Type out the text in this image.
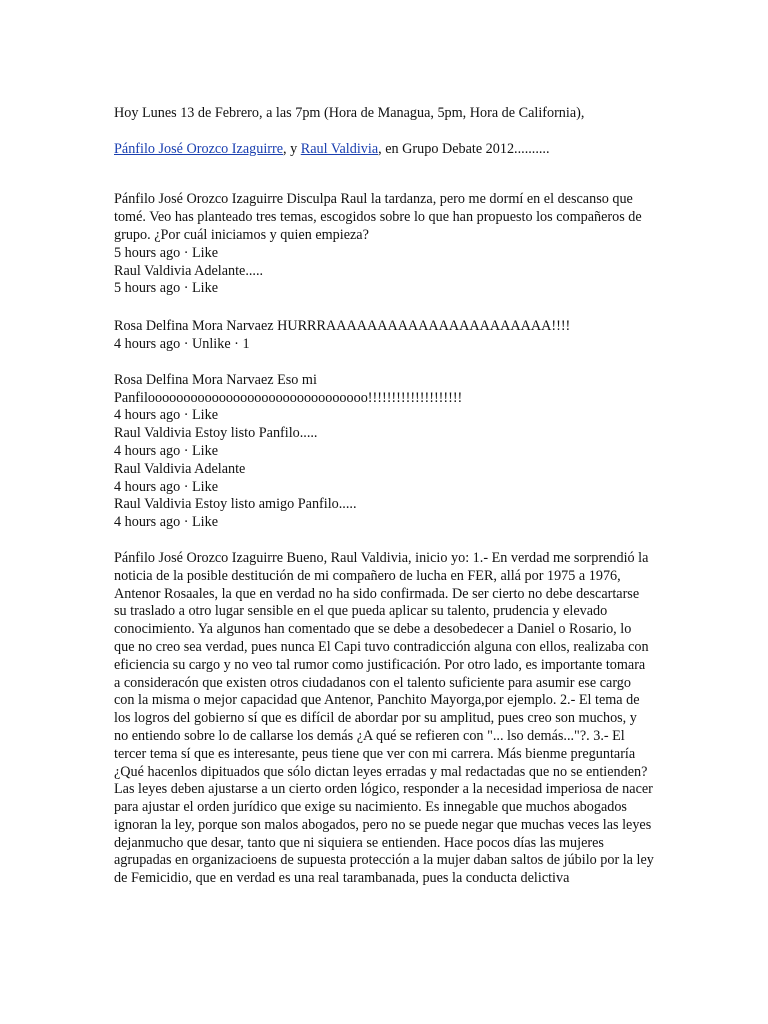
Hoy Lunes 13 de Febrero, a las 7pm (Hora de Managua, 5pm, Hora de California),

Pánfilo José Orozco Izaguirre, y Raul Valdivia, en Grupo Debate 2012..........

Pánfilo José Orozco Izaguirre Disculpa Raul la tardanza, pero me dormí en el descanso que tomé. Veo has planteado tres temas, escogidos sobre lo que han propuesto los compañeros de grupo. ¿Por cuál iniciamos y quien empieza?

5 hours ago · Like

Raul Valdivia Adelante.....

5 hours ago · Like

Rosa Delfina Mora Narvaez HURRRAAAAAAAAAAAAAAAAAAAAAA!!!!

4 hours ago · Unlike · 1

Rosa Delfina Mora Narvaez Eso mi Panfilooooooooooooooooooooooooooooooo!!!!!!!!!!!!!!!!!!!!

4 hours ago · Like

Raul Valdivia Estoy listo Panfilo.....

4 hours ago · Like

Raul Valdivia Adelante

4 hours ago · Like

Raul Valdivia Estoy listo amigo Panfilo.....

4 hours ago · Like

Pánfilo José Orozco Izaguirre Bueno, Raul Valdivia, inicio yo: 1.- En verdad me sorprendió la noticia de la posible destitución de mi compañero de lucha en FER, allá por 1975 a 1976, Antenor Rosaales, la que en verdad no ha sido confirmada. De ser cierto no debe descartarse su traslado a otro lugar sensible en el que pueda aplicar su talento, prudencia y elevado conocimiento. Ya algunos han comentado que se debe a desobedecer a Daniel o Rosario, lo que no creo sea verdad, pues nunca El Capi tuvo contradicción alguna con ellos, realizaba con eficiencia su cargo y no veo tal rumor como justificación. Por otro lado, es importante tomara a consideracón que existen otros ciudadanos con el talento suficiente para asumir ese cargo con la misma o mejor capacidad que Antenor, Panchito Mayorga,por ejemplo. 2.- El tema de los logros del gobierno sí que es difícil de abordar por su amplitud, pues creo son muchos, y no entiendo sobre lo de callarse los demás ¿A qué se refieren con "... lso demás..."?. 3.- El tercer tema sí que es interesante, peus tiene que ver con mi carrera. Más bienme preguntaría ¿Qué hacenlos dipituados que sólo dictan leyes erradas y mal redactadas que no se entienden? Las leyes deben ajustarse a un cierto orden lógico, responder a la necesidad imperiosa de nacer para ajustar el orden jurídico que exige su nacimiento. Es innegable que muchos abogados ignoran la ley, porque son malos abogados, pero no se puede negar que muchas veces las leyes dejanmucho que desar, tanto que ni siquiera se entienden. Hace pocos días las mujeres agrupadas en organizacioens de supuesta protección a la mujer daban saltos de júbilo por la ley de Femicidio, que en verdad es una real tarambanada, pues la conducta delictiva
